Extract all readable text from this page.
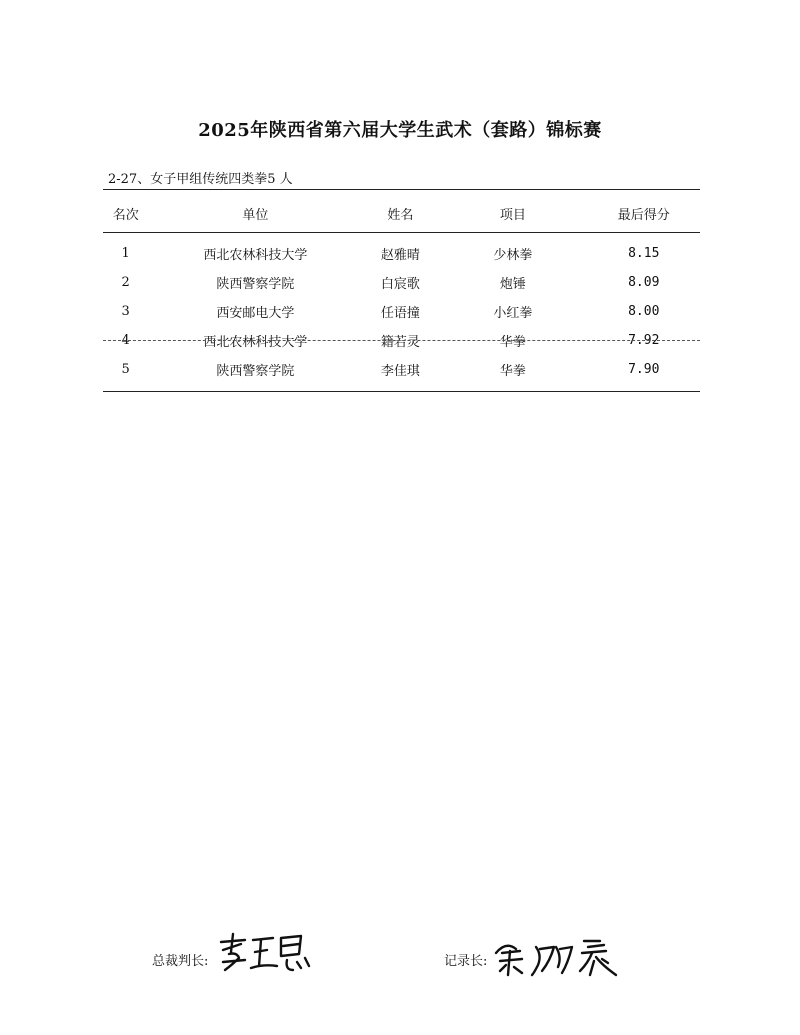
2025年陕西省第六届大学生武术（套路）锦标赛
2-27、女子甲组传统四类拳5 人
名次	单位	姓名	项目	最后得分

1	西北农林科技大学	赵雅晴	少林拳	8.15
2	陕西警察学院	白宸歌	炮锤	8.09
3	西安邮电大学	任语撞	小红拳	8.00
4	西北农林科技大学	籍若灵	华拳	7.92
5	陕西警察学院	李佳琪	华拳	7.90
总裁判长:	记录长:
